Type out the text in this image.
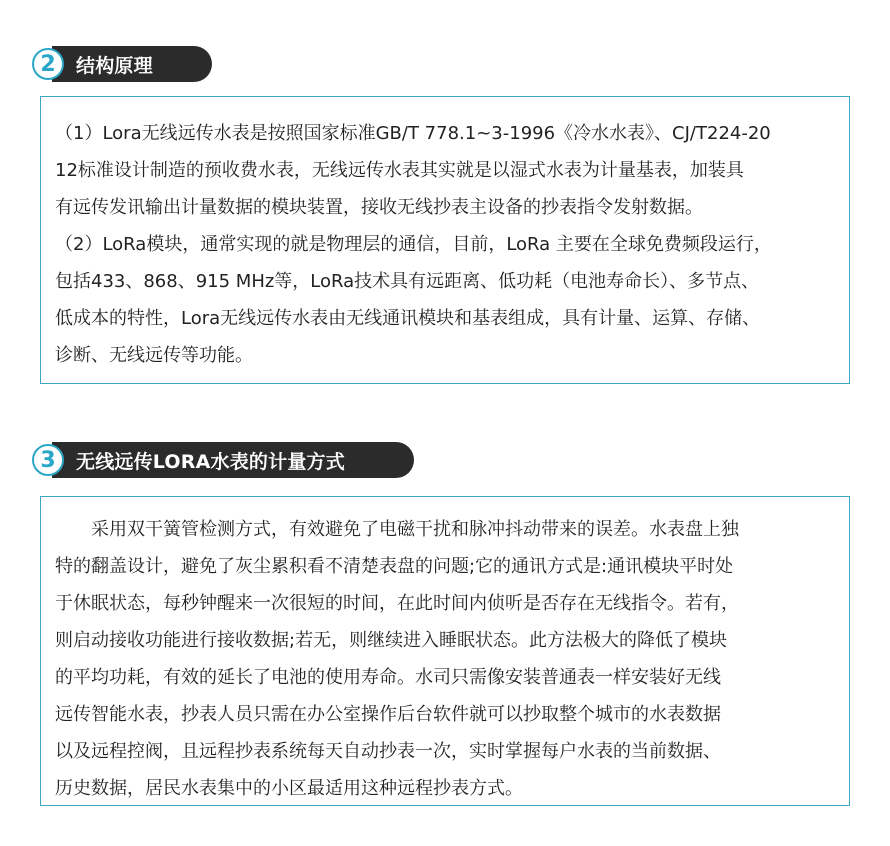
2	结构原理

（1）Lora无线远传水表是按照国家标准GB/T 778.1~3-1996《冷水水表》、CJ/T224-20

12标准设计制造的预收费水表，无线远传水表其实就是以湿式水表为计量基表，加装具

有远传发讯输出计量数据的模块装置，接收无线抄表主设备的抄表指令发射数据。

（2）LoRa模块，通常实现的就是物理层的通信，目前，LoRa 主要在全球免费频段运行，

包括433、868、915 MHz等，LoRa技术具有远距离、低功耗（电池寿命长）、多节点、

低成本的特性，Lora无线远传水表由无线通讯模块和基表组成，具有计量、运算、存储、

诊断、无线远传等功能。

3	无线远传LORA水表的计量方式

　　采用双干簧管检测方式，有效避免了电磁干扰和脉冲抖动带来的误差。水表盘上独

特的翻盖设计，避免了灰尘累积看不清楚表盘的问题;它的通讯方式是:通讯模块平时处

于休眠状态，每秒钟醒来一次很短的时间，在此时间内侦听是否存在无线指令。若有，

则启动接收功能进行接收数据;若无，则继续进入睡眠状态。此方法极大的降低了模块

的平均功耗，有效的延长了电池的使用寿命。水司只需像安装普通表一样安装好无线

远传智能水表，抄表人员只需在办公室操作后台软件就可以抄取整个城市的水表数据

以及远程控阀，且远程抄表系统每天自动抄表一次，实时掌握每户水表的当前数据、

历史数据，居民水表集中的小区最适用这种远程抄表方式。
